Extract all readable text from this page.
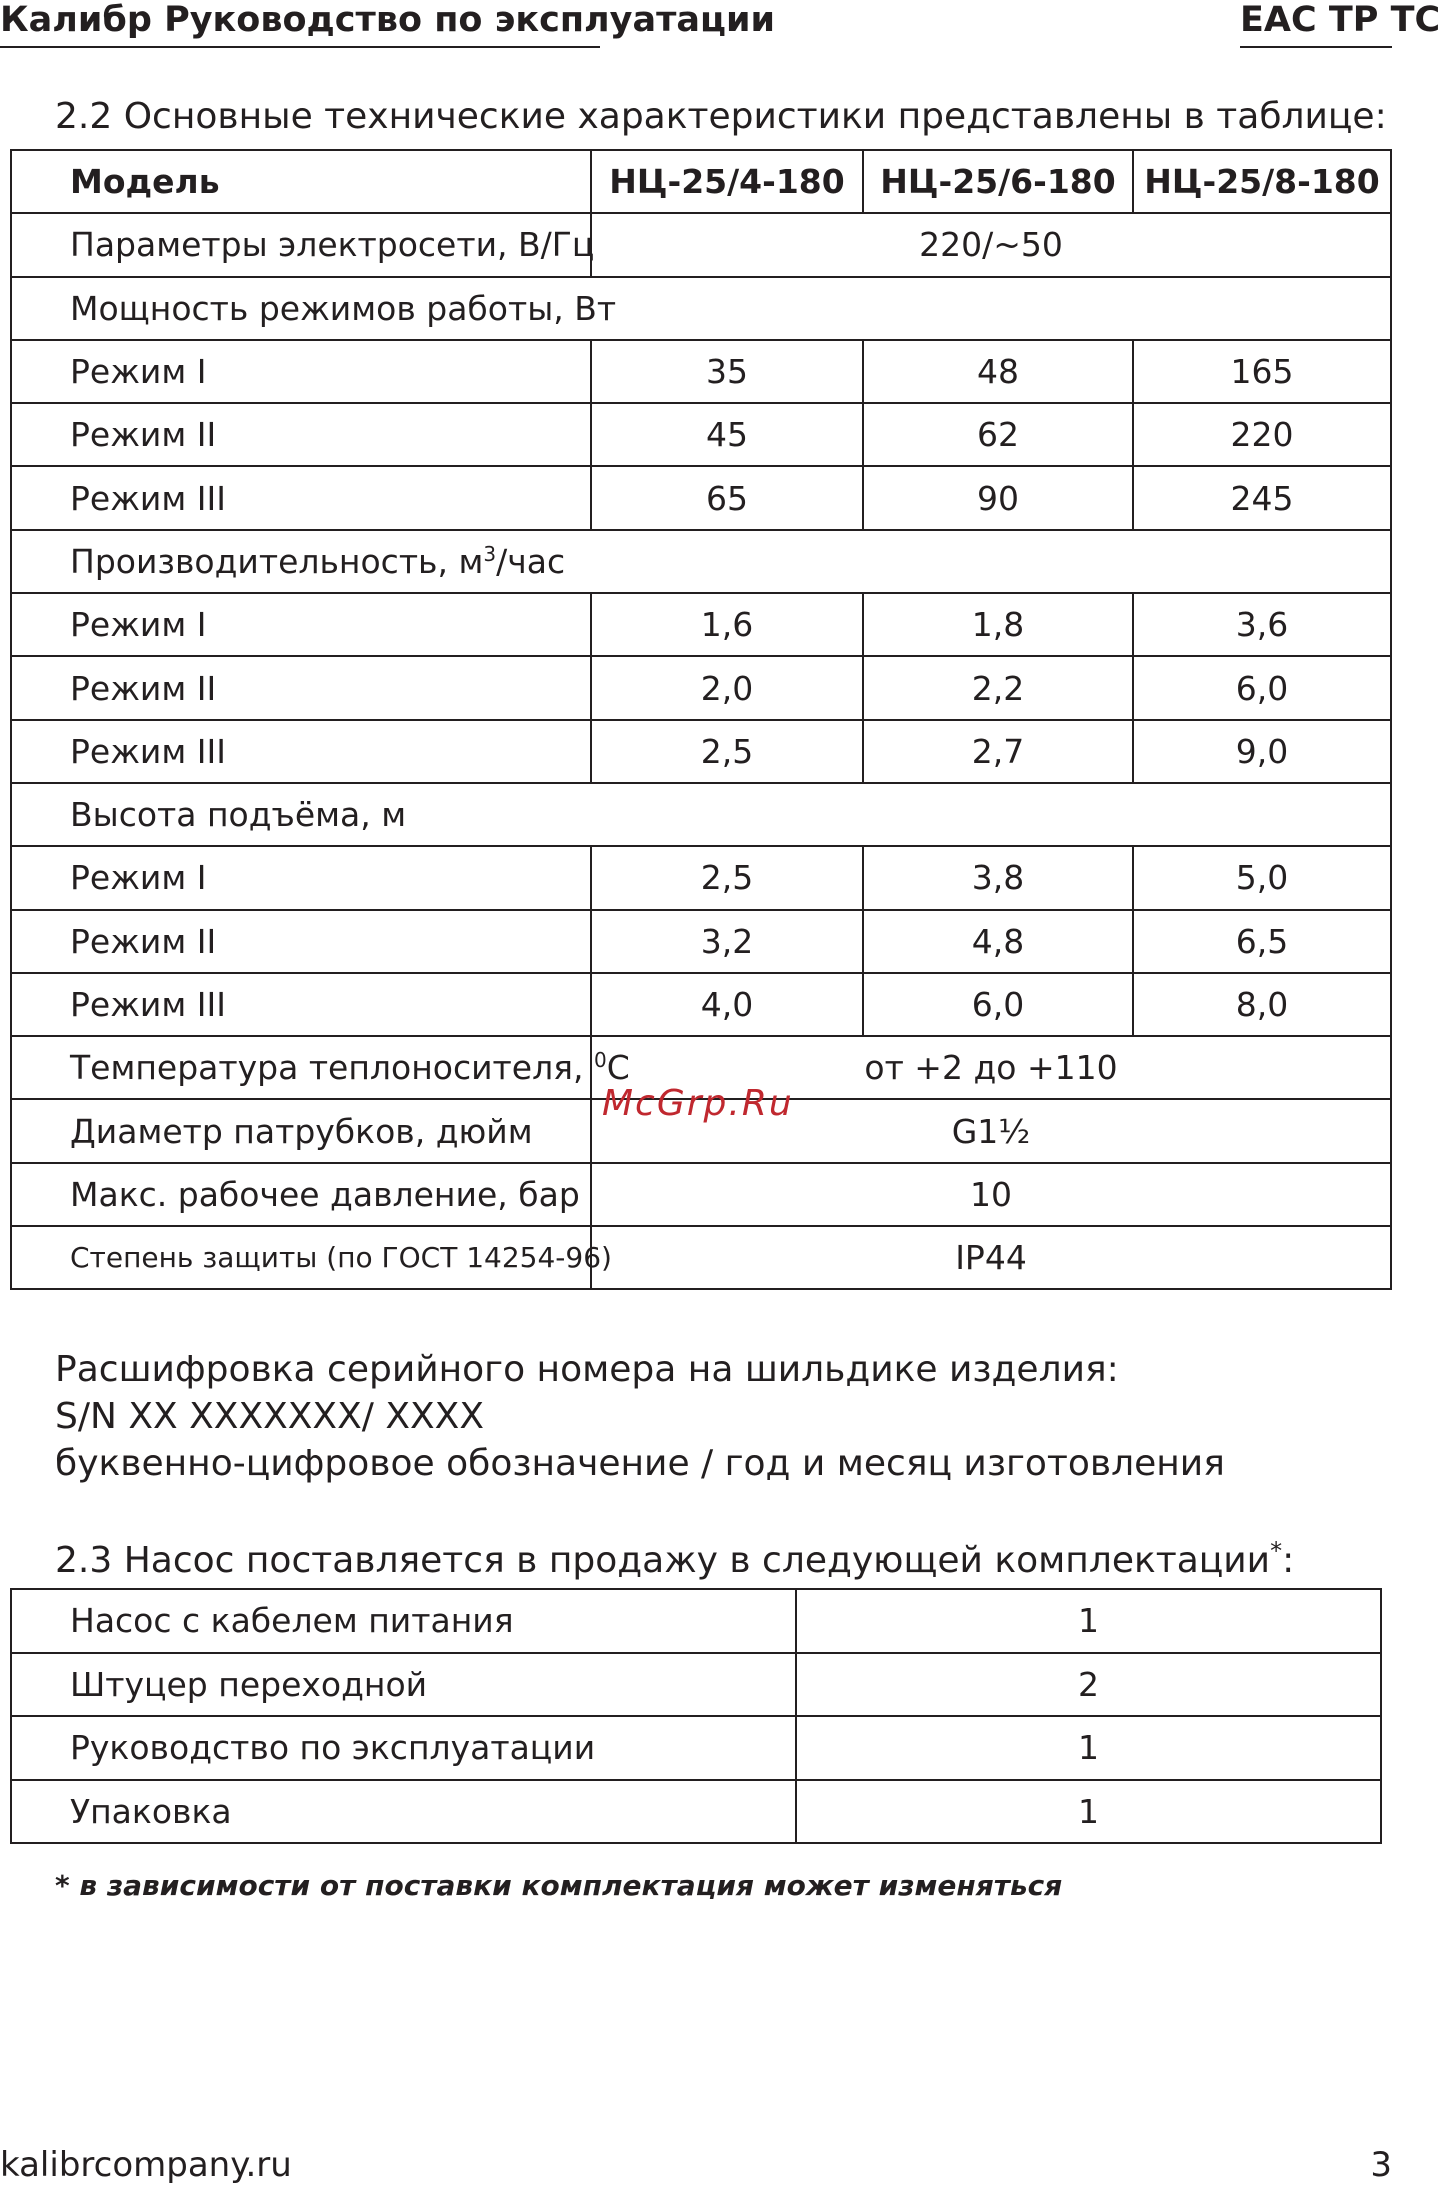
Калибр Руководство по эксплуатации	EAC ТР ТС
2.2 Основные технические характеристики представлены в таблице:
Модель	НЦ-25/4-180	НЦ-25/6-180	НЦ-25/8-180
Параметры электросети, В/Гц	220/~50		
Мощность режимов работы, Вт			
Режим I	35	48	165
Режим II	45	62	220
Режим III	65	90	245
Производительность, $м^3$/час			
Режим I	1,6	1,8	3,6
Режим II	2,0	2,2	6,0
Режим III	2,5	2,7	9,0
Высота подъёма, м			
Режим I	2,5	3,8	5,0
Режим II	3,2	4,8	6,5
Режим III	4,0	6,0	8,0
Температура теплоносителя, $^0$С	от +2 до +110		
Диаметр патрубков, дюйм	G1½		
Макс. рабочее давление, бар	10		
Степень защиты (по ГОСТ 14254-96)	IP44		
McGrp.Ru
Расшифровка серийного номера на шильдике изделия:
S/N XX XXXXXXX/ XXXX
буквенно-цифровое обозначение / год и месяц изготовления
2.3 Насос поставляется в продажу в следующей комплектации*:
Насос с кабелем питания	1
Штуцер переходной	2
Руководство по эксплуатации	1
Упаковка	1
* в зависимости от поставки комплектация может изменяться
kalibrcompany.ru	3
